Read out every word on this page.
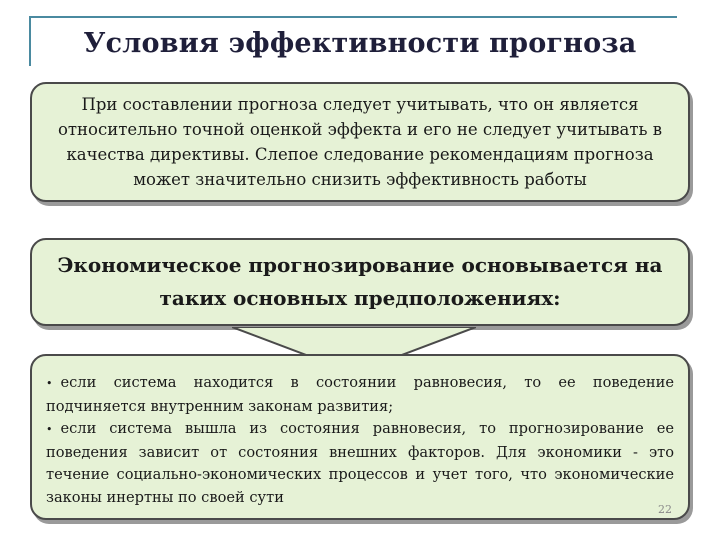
Условия эффективности прогноза

При составлении прогноза следует учитывать, что он является относительно точной оценкой эффекта и его не следует учитывать в качества директивы. Слепое следование рекомендациям прогноза может значительно снизить эффективность работы

Экономическое прогнозирование основывается на таких основных предположениях:

• если система находится в состоянии равновесия, то ее поведение подчиняется внутренним законам развития;

• если система вышла из состояния равновесия, то прогнозирование ее поведения зависит от состояния внешних факторов. Для экономики - это течение социально-экономических процессов и учет того, что экономические законы инертны по своей сути

22
